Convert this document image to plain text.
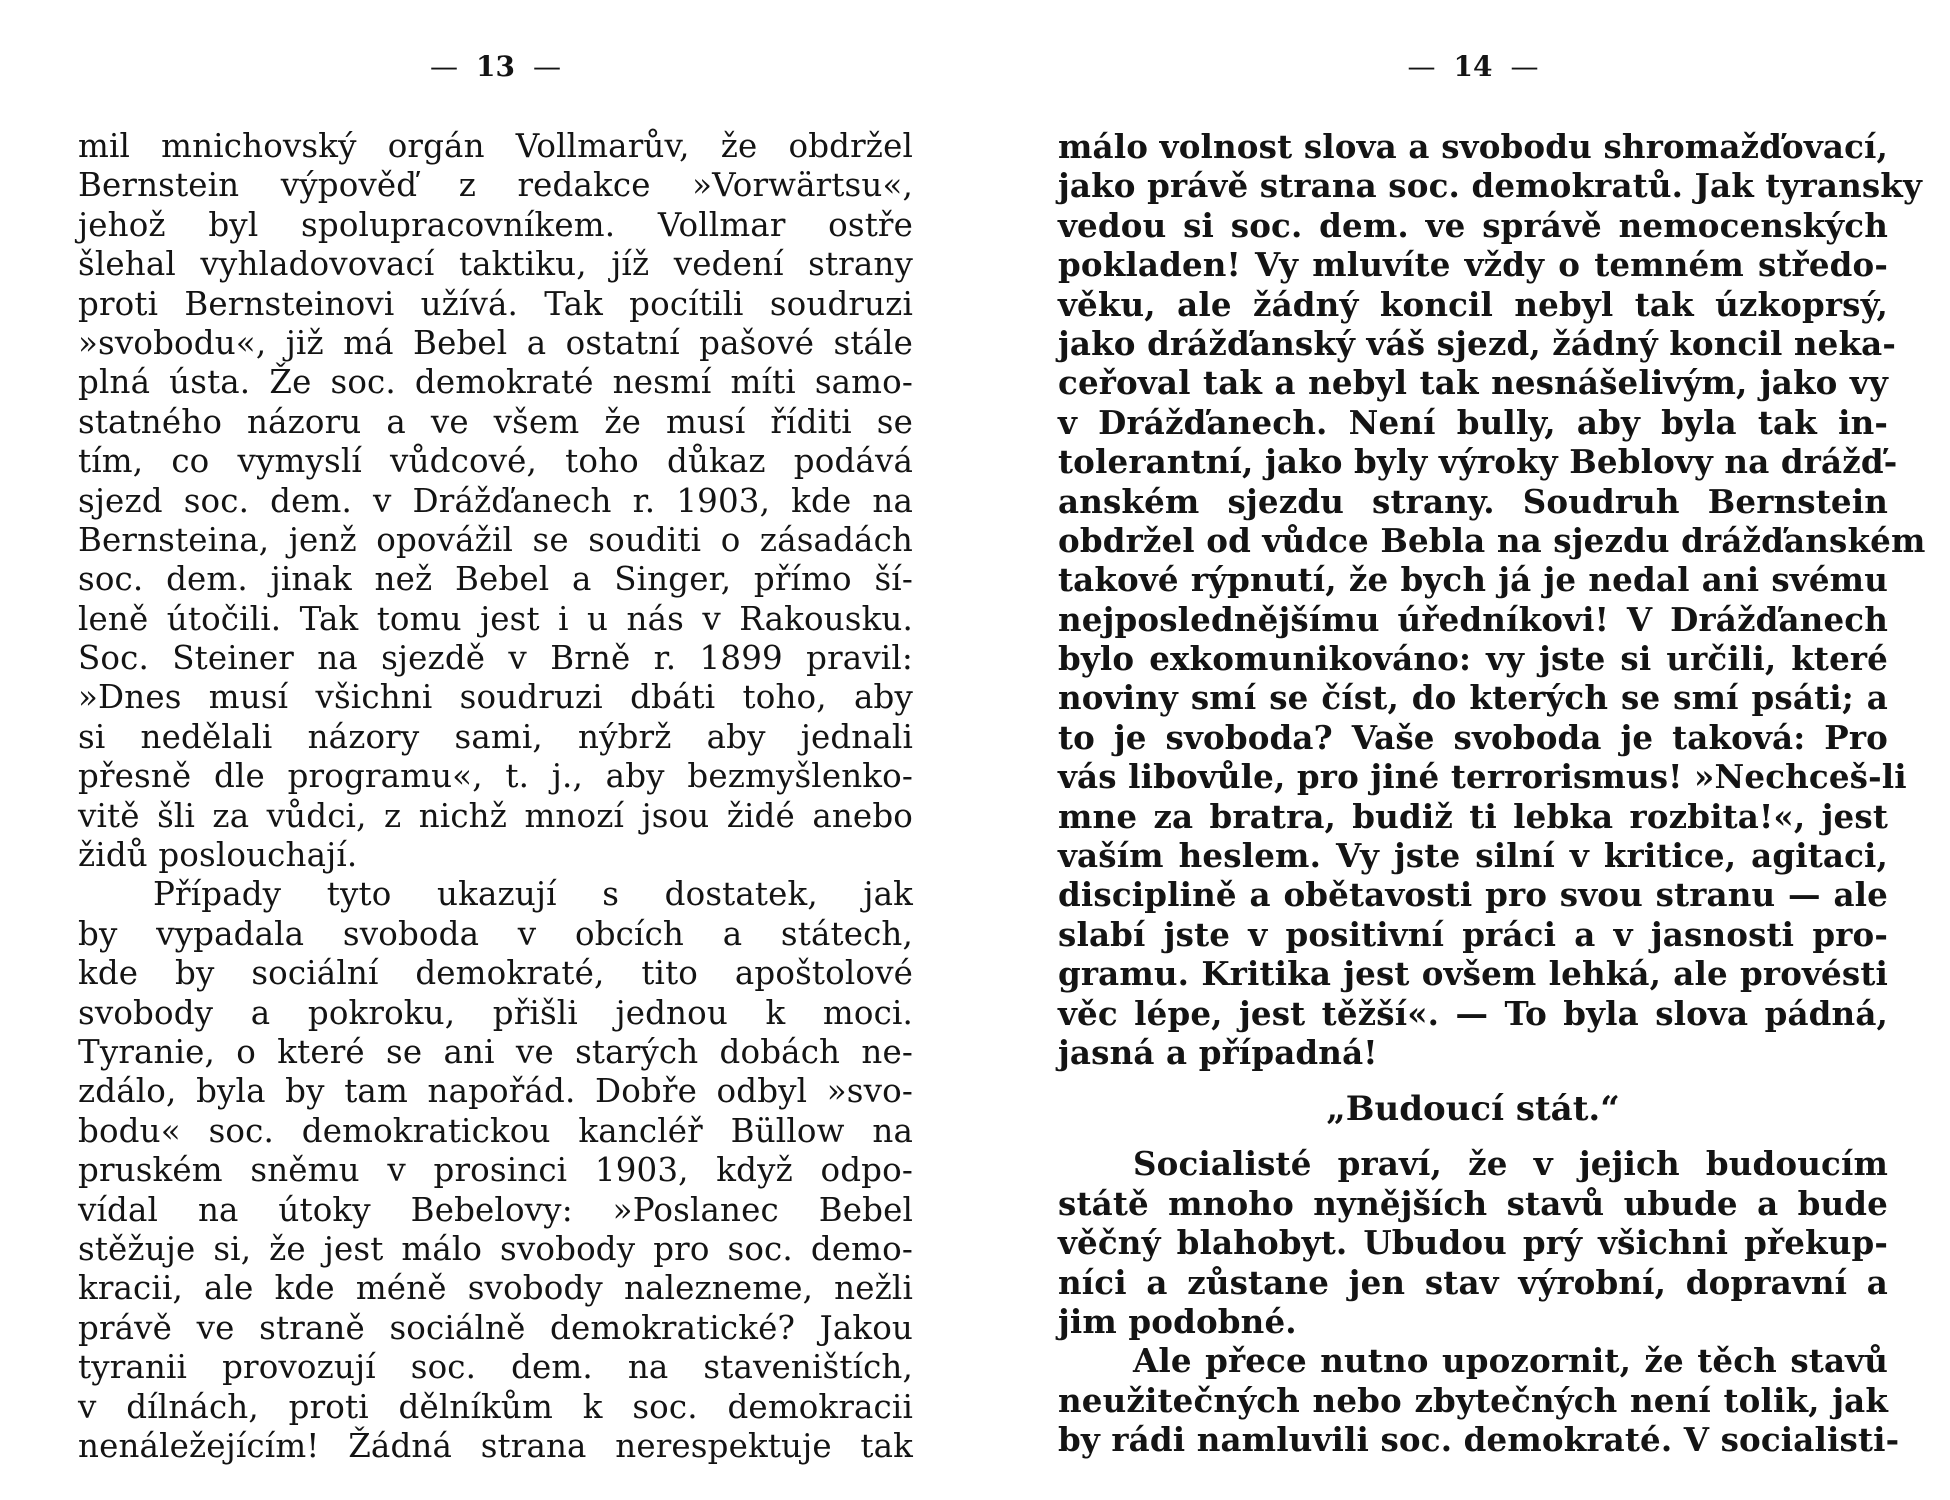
— 13 —
mil mnichovský orgán Vollmarův, že obdržel
Bernstein výpověď z redakce »Vorwärtsu«,
jehož byl spolupracovníkem. Vollmar ostře
šlehal vyhladovovací taktiku, jíž vedení strany
proti Bernsteinovi užívá. Tak pocítili soudruzi
»svobodu«, již má Bebel a ostatní pašové stále
plná ústa. Že soc. demokraté nesmí míti samo-
statného názoru a ve všem že musí říditi se
tím, co vymyslí vůdcové, toho důkaz podává
sjezd soc. dem. v Drážďanech r. 1903, kde na
Bernsteina, jenž opovážil se souditi o zásadách
soc. dem. jinak než Bebel a Singer, přímo ší-
leně útočili. Tak tomu jest i u nás v Rakousku.
Soc. Steiner na sjezdě v Brně r. 1899 pravil:
»Dnes musí všichni soudruzi dbáti toho, aby
si nedělali názory sami, nýbrž aby jednali
přesně dle programu«, t. j., aby bezmyšlenko-
vitě šli za vůdci, z nichž mnozí jsou židé anebo
židů poslouchají.
Případy tyto ukazují s dostatek, jak
by vypadala svoboda v obcích a státech,
kde by sociální demokraté, tito apoštolové
svobody a pokroku, přišli jednou k moci.
Tyranie, o které se ani ve starých dobách ne-
zdálo, byla by tam napořád. Dobře odbyl »svo-
bodu« soc. demokratickou kancléř Büllow na
pruském sněmu v prosinci 1903, když odpo-
vídal na útoky Bebelovy: »Poslanec Bebel
stěžuje si, že jest málo svobody pro soc. demo-
kracii, ale kde méně svobody nalezneme, nežli
právě ve straně sociálně demokratické? Jakou
tyranii provozují soc. dem. na staveništích,
v dílnách, proti dělníkům k soc. demokracii
nenáležejícím! Žádná strana nerespektuje tak
— 14 —
málo volnost slova a svobodu shromažďovací,
jako právě strana soc. demokratů. Jak tyransky
vedou si soc. dem. ve správě nemocenských
pokladen! Vy mluvíte vždy o temném středo-
věku, ale žádný koncil nebyl tak úzkoprsý,
jako drážďanský váš sjezd, žádný koncil neka-
ceřoval tak a nebyl tak nesnášelivým, jako vy
v Drážďanech. Není bully, aby byla tak in-
tolerantní, jako byly výroky Beblovy na drážď-
anském sjezdu strany. Soudruh Bernstein
obdržel od vůdce Bebla na sjezdu drážďanském
takové rýpnutí, že bych já je nedal ani svému
nejposlednějšímu úředníkovi! V Drážďanech
bylo exkomunikováno: vy jste si určili, které
noviny smí se číst, do kterých se smí psáti; a
to je svoboda? Vaše svoboda je taková: Pro
vás libovůle, pro jiné terrorismus! »Nechceš-li
mne za bratra, budiž ti lebka rozbita!«, jest
vaším heslem. Vy jste silní v kritice, agitaci,
disciplině a obětavosti pro svou stranu — ale
slabí jste v positivní práci a v jasnosti pro-
gramu. Kritika jest ovšem lehká, ale provésti
věc lépe, jest těžší«. — To byla slova pádná,
jasná a případná!
„Budoucí stát.“
Socialisté praví, že v jejich budoucím
státě mnoho nynějších stavů ubude a bude
věčný blahobyt. Ubudou prý všichni překup-
níci a zůstane jen stav výrobní, dopravní a
jim podobné.
Ale přece nutno upozornit, že těch stavů
neužitečných nebo zbytečných není tolik, jak
by rádi namluvili soc. demokraté. V socialisti-
